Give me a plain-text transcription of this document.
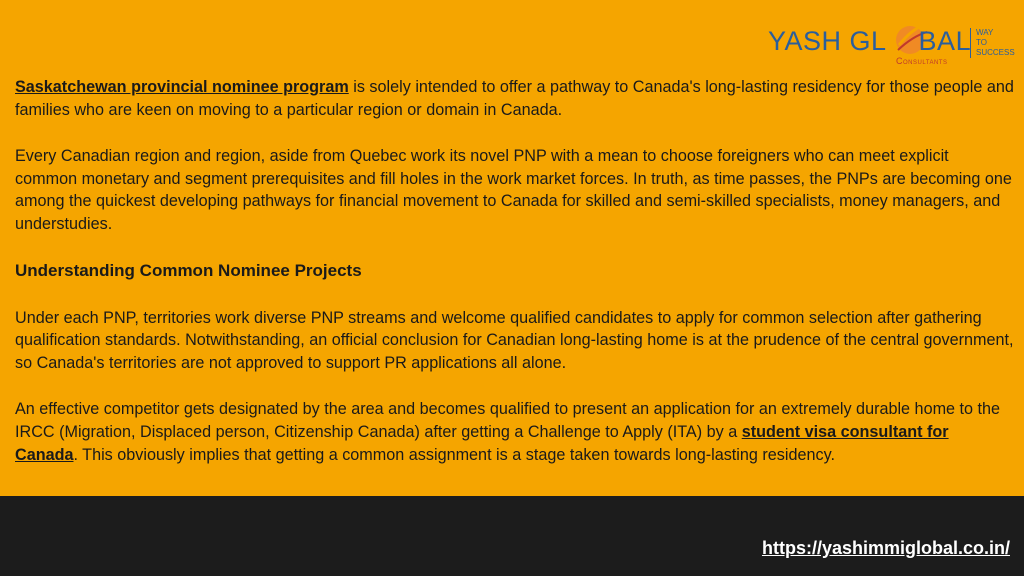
YASH GL BAL
Consultants
WAY
TO
SUCCESS

Saskatchewan provincial nominee program is solely intended to offer a pathway to Canada's long-lasting residency for those people and families who are keen on moving to a particular region or domain in Canada.

Every Canadian region and region, aside from Quebec work its novel PNP with a mean to choose foreigners who can meet explicit common monetary and segment prerequisites and fill holes in the work market forces. In truth, as time passes, the PNPs are becoming one among the quickest developing pathways for financial movement to Canada for skilled and semi-skilled specialists, money managers, and understudies.

Understanding Common Nominee Projects

Under each PNP, territories work diverse PNP streams and welcome qualified candidates to apply for common selection after gathering qualification standards. Notwithstanding, an official conclusion for Canadian long-lasting home is at the prudence of the central government, so Canada's territories are not approved to support PR applications all alone.

An effective competitor gets designated by the area and becomes qualified to present an application for an extremely durable home to the IRCC (Migration, Displaced person, Citizenship Canada) after getting a Challenge to Apply (ITA) by a student visa consultant for Canada. This obviously implies that getting a common assignment is a stage taken towards long-lasting residency.

https://yashimmiglobal.co.in/
